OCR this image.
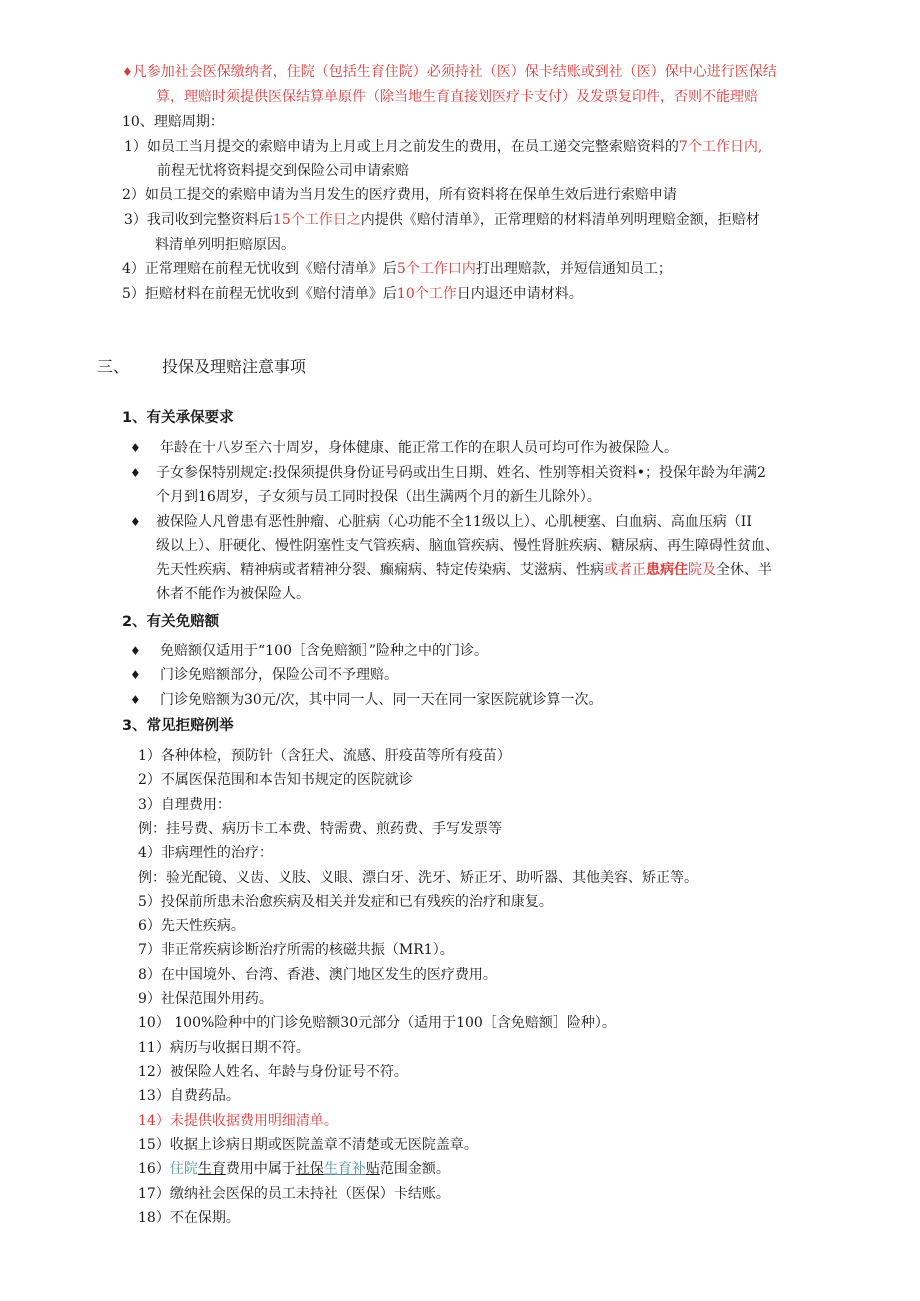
♦凡参加社会医保缴纳者，住院（包括生育住院）必须持社（医）保卡结账或到社（医）保中心进行医保结
算，理赔时须提供医保结算单原件（除当地生育直接划医疗卡支付）及发票复印件，否则不能理赔
10、理赔周期：
1）如员工当月提交的索赔申请为上月或上月之前发生的费用，在员工递交完整索赔资料的7个工作日内,
前程无忧将资料提交到保险公司申请索赔
2）如员工提交的索赔申请为当月发生的医疗费用，所有资料将在保单生效后进行索赔申请
3）我司收到完整资料后15个工作日之内提供《赔付清单》，正常理赔的材料清单列明理赔金额，拒赔材
料清单列明拒赔原因。
4）正常理赔在前程无忧收到《赔付清单》后5个工作口内打出理赔款，并短信通知员工；
5）拒赔材料在前程无忧收到《赔付清单》后10个工作日内退还申请材料。
三、 投保及理赔注意事项
1、有关承保要求
♦ 年龄在十八岁至六十周岁，身体健康、能正常工作的在职人员可均可作为被保险人。
♦ 子女参保特别规定:投保须提供身份证号码或出生日期、姓名、性别等相关资料•；投保年龄为年满2
个月到16周岁，子女须与员工同时投保（出生满两个月的新生儿除外）。
♦ 被保险人凡曾患有恶性肿瘤、心脏病（心功能不全11级以上）、心肌梗塞、白血病、高血压病（II
级以上）、肝硬化、慢性阴塞性支气管疾病、脑血管疾病、慢性肾脏疾病、糖尿病、再生障碍性贫血、
先天性疾病、精神病或者精神分裂、癫痫病、特定传染病、艾滋病、性病或者正患病住院及全休、半
休者不能作为被保险人。
2、有关免赔额
♦ 免赔额仅适用于“100［含免赔额］”险种之中的门诊。
♦ 门诊免赔额部分，保险公司不予理赔。
♦ 门诊免赔额为30元/次，其中同一人、同一天在同一家医院就诊算一次。
3、常见拒赔例举
1）各种体检，预防针（含狂犬、流感、肝疫苗等所有疫苗）
2）不属医保范围和本告知书规定的医院就诊
3）自理费用：
例：挂号费、病历卡工本费、特需费、煎药费、手写发票等
4）非病理性的治疗：
例：验光配镜、义齿、义肢、义眼、漂白牙、洗牙、矫正牙、助听器、其他美容、矫正等。
5）投保前所患未治愈疾病及相关并发症和已有残疾的治疗和康复。
6）先天性疾病。
7）非正常疾病诊断治疗所需的核磁共振（MR1）。
8）在中国境外、台湾、香港、澳门地区发生的医疗费用。
9）社保范围外用药。
10） 100%险种中的门诊免赔额30元部分（适用于100［含免赔额］险种）。
11）病历与收据日期不符。
12）被保险人姓名、年龄与身份证号不符。
13）自费药品。
14）未提供收据费用明细清单。
15）收据上诊病日期或医院盖章不清楚或无医院盖章。
16）住院生育费用中属于社保生育补贴范围金额。
17）缴纳社会医保的员工未持社（医保）卡结账。
18）不在保期。
